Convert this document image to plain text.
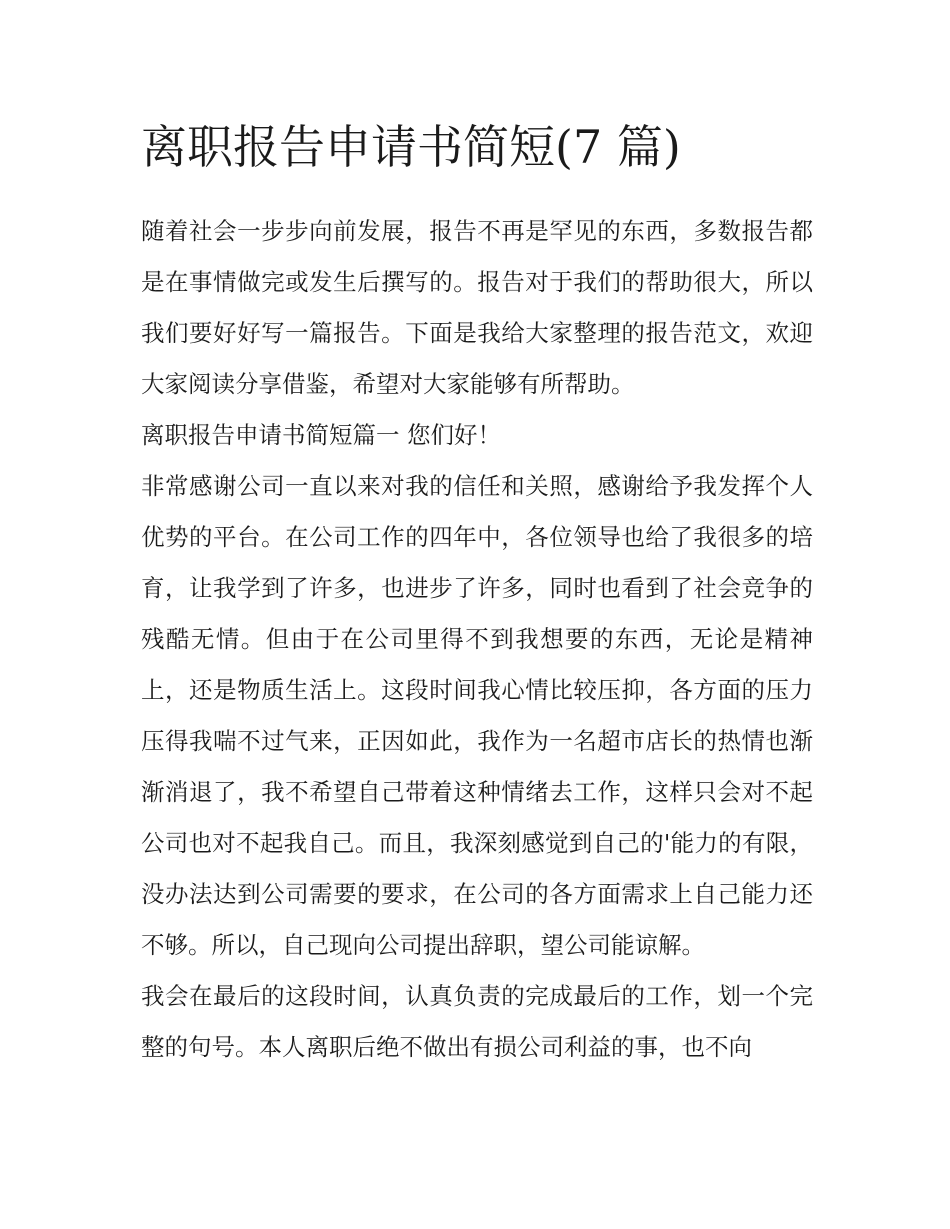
离职报告申请书简短(7 篇)

随着社会一步步向前发展，报告不再是罕见的东西，多数报告都是在事情做完或发生后撰写的。报告对于我们的帮助很大，所以我们要好好写一篇报告。下面是我给大家整理的报告范文，欢迎大家阅读分享借鉴，希望对大家能够有所帮助。

离职报告申请书简短篇一 您们好！

非常感谢公司一直以来对我的信任和关照，感谢给予我发挥个人优势的平台。在公司工作的四年中，各位领导也给了我很多的培育，让我学到了许多，也进步了许多，同时也看到了社会竞争的残酷无情。但由于在公司里得不到我想要的东西，无论是精神上，还是物质生活上。这段时间我心情比较压抑，各方面的压力压得我喘不过气来，正因如此，我作为一名超市店长的热情也渐渐消退了，我不希望自己带着这种情绪去工作，这样只会对不起公司也对不起我自己。而且，我深刻感觉到自己的'能力的有限，没办法达到公司需要的要求，在公司的各方面需求上自己能力还不够。所以，自己现向公司提出辞职，望公司能谅解。

我会在最后的这段时间，认真负责的完成最后的工作，划一个完整的句号。本人离职后绝不做出有损公司利益的事，也不向
